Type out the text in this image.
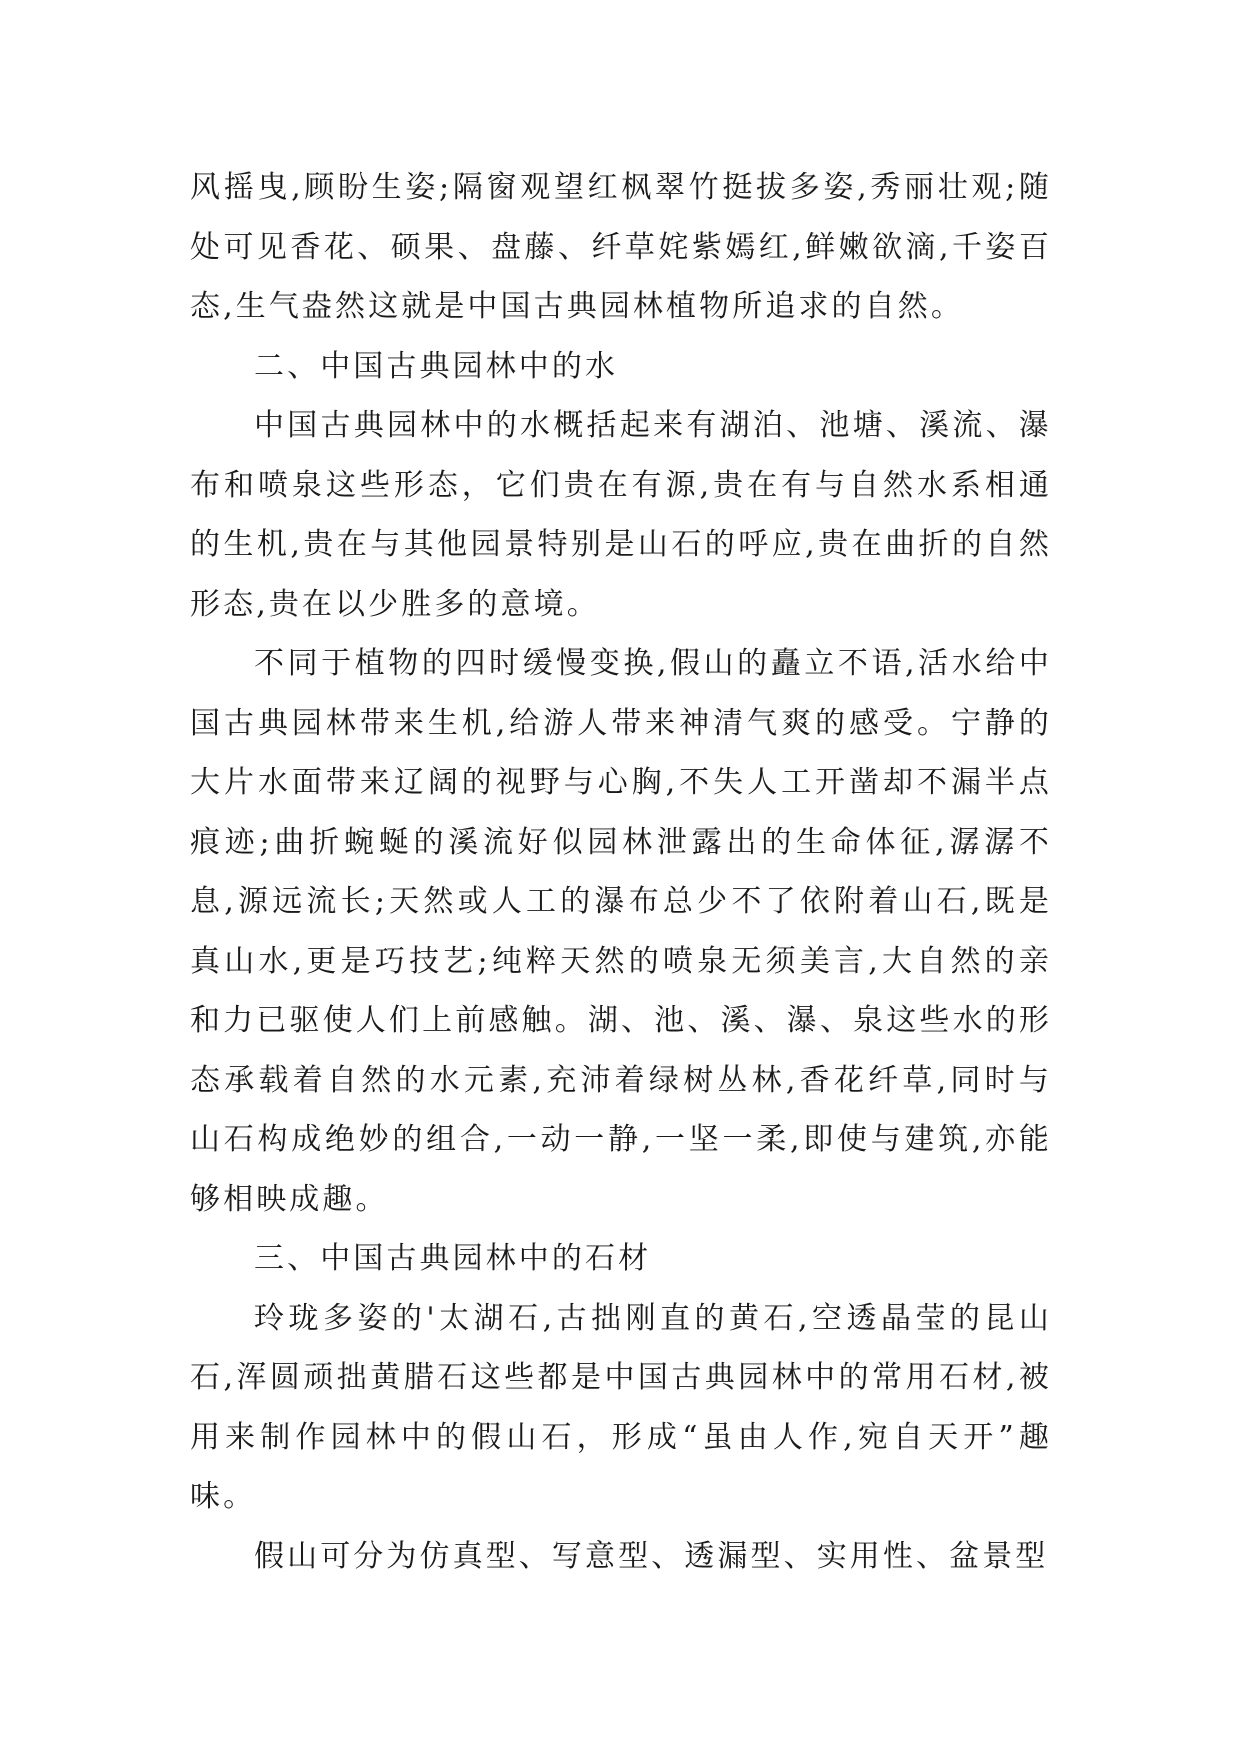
风摇曳,顾盼生姿;隔窗观望红枫翠竹挺拔多姿,秀丽壮观;随处可见香花、硕果、盘藤、纤草姹紫嫣红,鲜嫩欲滴,千姿百态,生气盎然这就是中国古典园林植物所追求的自然。

二、中国古典园林中的水

中国古典园林中的水概括起来有湖泊、池塘、溪流、瀑布和喷泉这些形态，它们贵在有源,贵在有与自然水系相通的生机,贵在与其他园景特别是山石的呼应,贵在曲折的自然形态,贵在以少胜多的意境。

不同于植物的四时缓慢变换,假山的矗立不语,活水给中国古典园林带来生机,给游人带来神清气爽的感受。宁静的大片水面带来辽阔的视野与心胸,不失人工开凿却不漏半点痕迹;曲折蜿蜒的溪流好似园林泄露出的生命体征,潺潺不息,源远流长;天然或人工的瀑布总少不了依附着山石,既是真山水,更是巧技艺;纯粹天然的喷泉无须美言,大自然的亲和力已驱使人们上前感触。湖、池、溪、瀑、泉这些水的形态承载着自然的水元素,充沛着绿树丛林,香花纤草,同时与山石构成绝妙的组合,一动一静,一坚一柔,即使与建筑,亦能够相映成趣。

三、中国古典园林中的石材

玲珑多姿的'太湖石,古拙刚直的黄石,空透晶莹的昆山石,浑圆顽拙黄腊石这些都是中国古典园林中的常用石材,被用来制作园林中的假山石，形成“虽由人作,宛自天开”趣味。

假山可分为仿真型、写意型、透漏型、实用性、盆景型
